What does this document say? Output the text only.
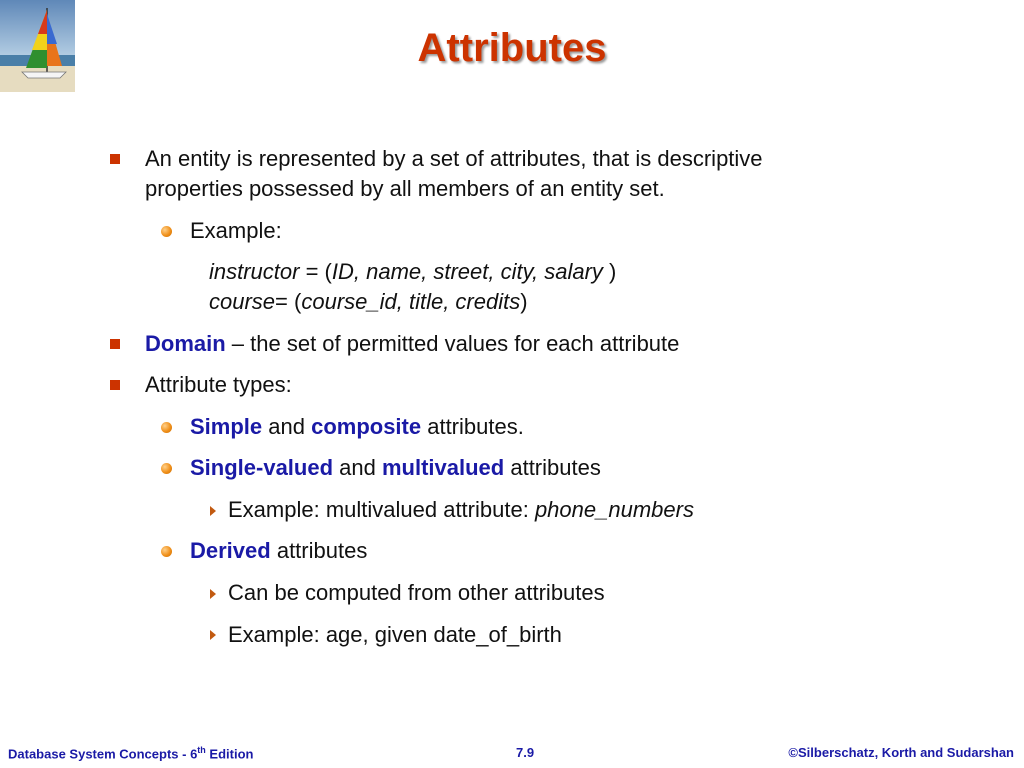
Attributes
An entity is represented by a set of attributes, that is descriptive
properties possessed by all members of an entity set.
Example:
instructor = (ID, name, street, city, salary )
course= (course_id, title, credits)
Domain – the set of permitted values for each attribute
Attribute types:
Simple and composite attributes.
Single-valued and multivalued attributes
Example: multivalued attribute: phone_numbers
Derived attributes
Can be computed from other attributes
Example: age, given date_of_birth
Database System Concepts - 6th Edition	7.9	©Silberschatz, Korth and Sudarshan
